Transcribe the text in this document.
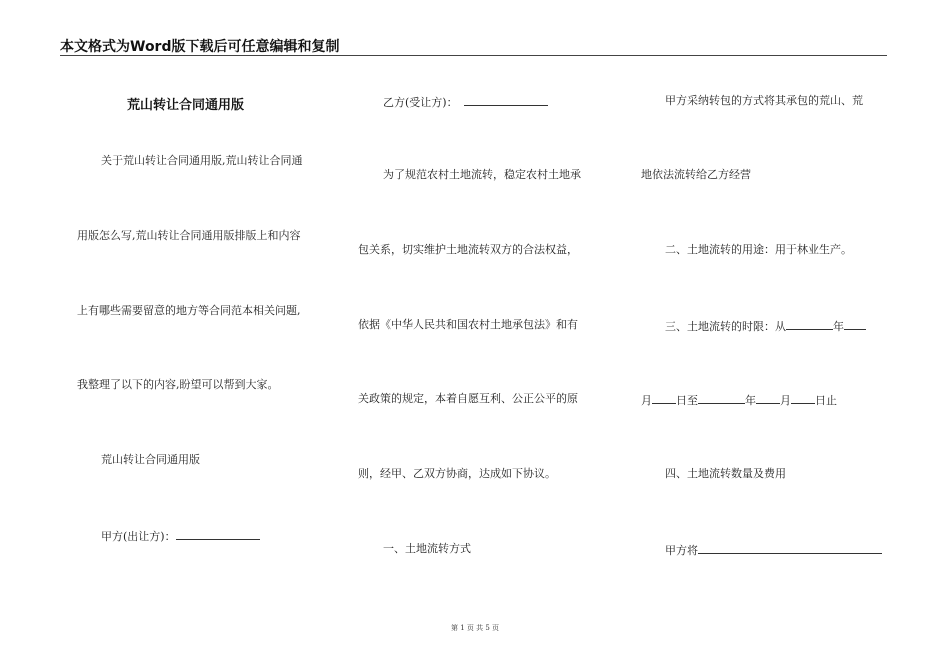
本文格式为Word版下载后可任意编辑和复制
荒山转让合同通用版
关于荒山转让合同通用版,荒山转让合同通
用版怎么写,荒山转让合同通用版排版上和内容
上有哪些需要留意的地方等合同范本相关问题,
我整理了以下的内容,盼望可以帮到大家。
荒山转让合同通用版
甲方(出让方)：
乙方(受让方)：
为了规范农村土地流转，稳定农村土地承
包关系，切实维护土地流转双方的合法权益，
依据《中华人民共和国农村土地承包法》和有
关政策的规定，本着自愿互利、公正公平的原
则，经甲、乙双方协商，达成如下协议。
一、土地流转方式
甲方采纳转包的方式将其承包的荒山、荒
地依法流转给乙方经营
二、土地流转的用途：用于林业生产。
三、土地流转的时限：从	年
月 日至	年 月 日止
四、土地流转数量及费用
甲方将
第 1 页 共 5 页
